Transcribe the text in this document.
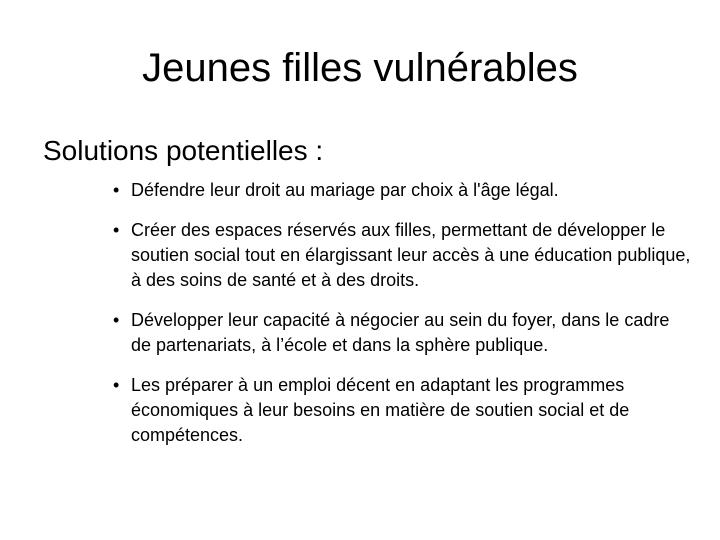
Jeunes filles vulnérables
Solutions potentielles :
• Défendre leur droit au mariage par choix à l'âge légal.
• Créer des espaces réservés aux filles, permettant de développer le soutien social tout en élargissant leur accès à une éducation publique, à des soins de santé et à des droits.
• Développer leur capacité à négocier au sein du foyer, dans le cadre de partenariats, à l’école et dans la sphère publique.
• Les préparer à un emploi décent en adaptant les programmes économiques à leur besoins en matière de soutien social et de compétences.
